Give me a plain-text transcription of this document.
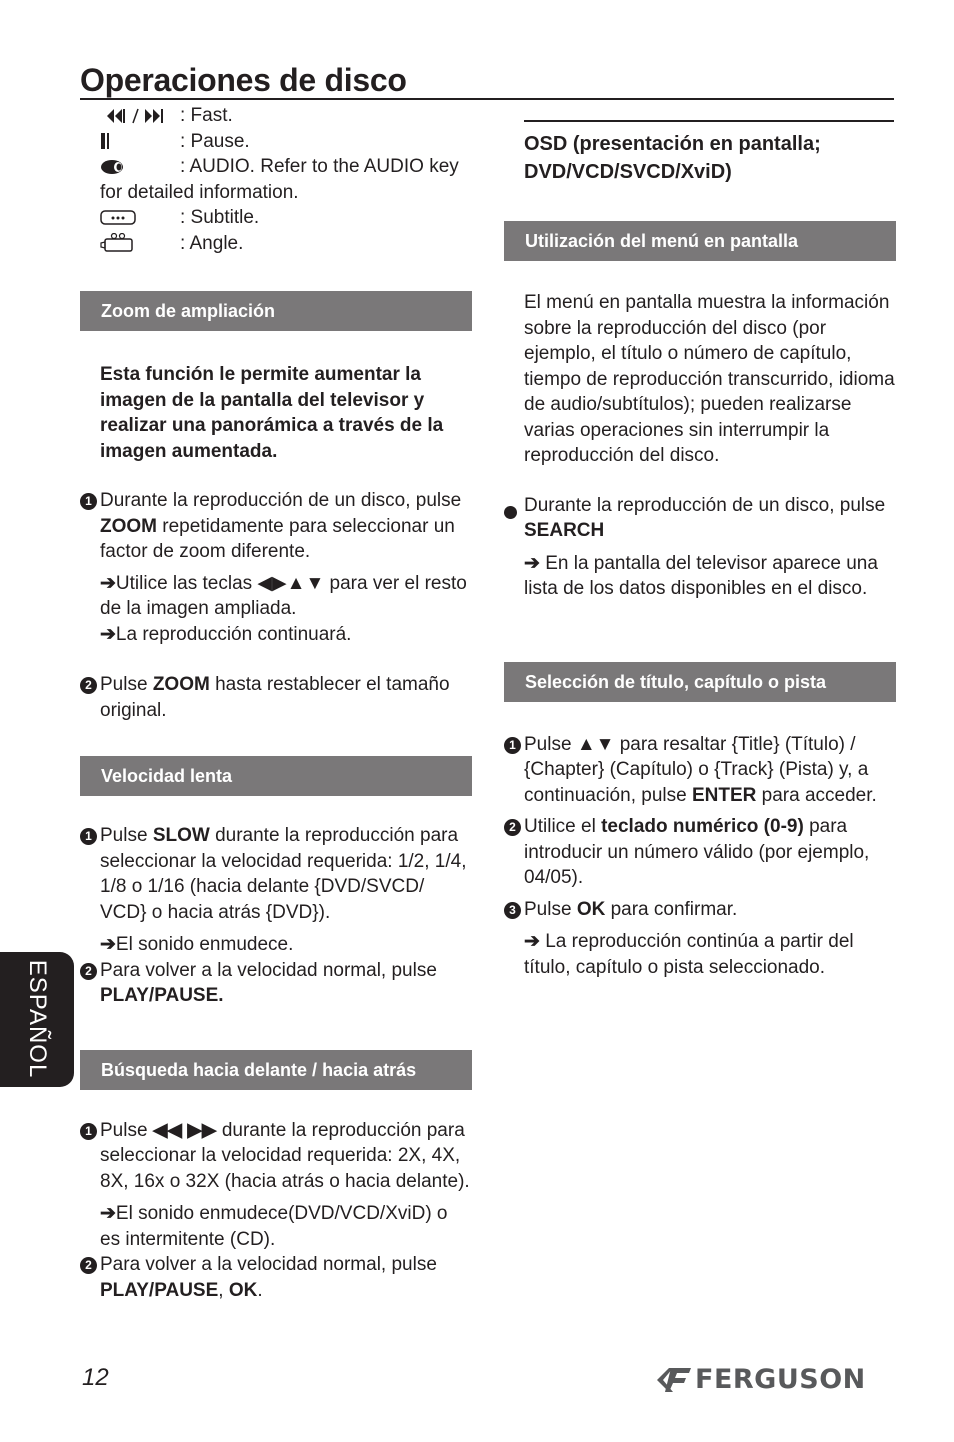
Operaciones de disco
: Fast.
: Pause.
: AUDIO. Refer to the AUDIO key
for detailed information.
: Subtitle.
: Angle.
Zoom de ampliación
Esta función le permite aumentar la imagen de la pantalla del televisor y realizar una panorámica a través de la imagen aumentada.
1 Durante la reproducción de un disco, pulse ZOOM repetidamente para seleccionar un factor de zoom diferente.
➔Utilice las teclas ◀▶▲▼ para ver el resto de la imagen ampliada.
➔La reproducción continuará.
2 Pulse ZOOM hasta restablecer el tamaño original.
Velocidad lenta
1 Pulse SLOW durante la reproducción para seleccionar la velocidad requerida: 1/2, 1/4, 1/8 o 1/16 (hacia delante {DVD/SVCD/ VCD} o hacia atrás {DVD}).
➔El sonido enmudece.
2 Para volver a la velocidad normal, pulse PLAY/PAUSE.
Búsqueda hacia delante / hacia atrás
1 Pulse ◀◀ ▶▶ durante la reproducción para seleccionar la velocidad requerida: 2X, 4X, 8X, 16x o 32X (hacia atrás o hacia delante).
➔El sonido enmudece(DVD/VCD/XviD) o es intermitente (CD).
2 Para volver a la velocidad normal, pulse PLAY/PAUSE, OK.
OSD (presentación en pantalla; DVD/VCD/SVCD/XviD)
Utilización del menú en pantalla
El menú en pantalla muestra la información sobre la reproducción del disco (por ejemplo, el título o número de capítulo, tiempo de reproducción transcurrido, idioma de audio/subtítulos); pueden realizarse varias operaciones sin interrumpir la reproducción del disco.
Durante la reproducción de un disco, pulse SEARCH
➔ En la pantalla del televisor aparece una lista de los datos disponibles en el disco.
Selección de título, capítulo o pista
1 Pulse ▲▼ para resaltar {Title} (Título) / {Chapter} (Capítulo) o {Track} (Pista) y, a continuación, pulse ENTER para acceder.
2 Utilice el teclado numérico (0-9) para introducir un número válido (por ejemplo, 04/05).
3 Pulse OK para confirmar.
➔ La reproducción continúa a partir del título, capítulo o pista seleccionado.
ESPAÑOL
12	FERGUSON
